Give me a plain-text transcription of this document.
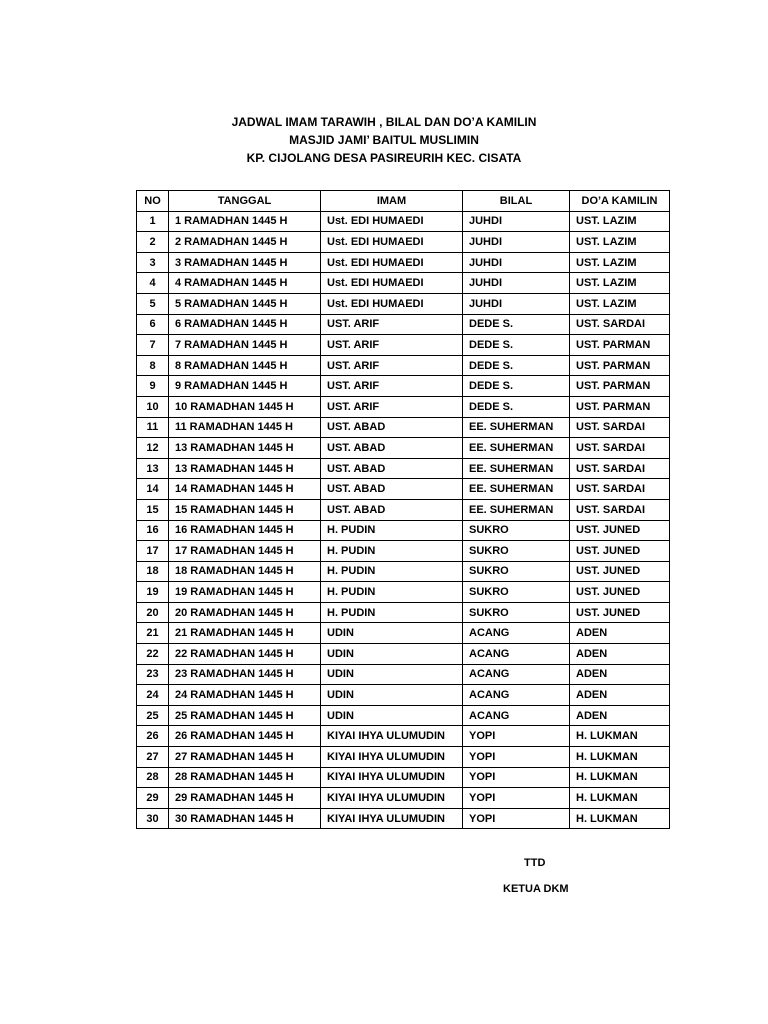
JADWAL IMAM TARAWIH , BILAL DAN DO’A KAMILIN
MASJID JAMI’ BAITUL MUSLIMIN
KP. CIJOLANG DESA PASIREURIH KEC. CISATA
NO	TANGGAL	IMAM	BILAL	DO’A KAMILIN
1	1 RAMADHAN 1445 H	Ust. EDI HUMAEDI	JUHDI	UST. LAZIM
2	2 RAMADHAN 1445 H	Ust. EDI HUMAEDI	JUHDI	UST. LAZIM
3	3 RAMADHAN 1445 H	Ust. EDI HUMAEDI	JUHDI	UST. LAZIM
4	4 RAMADHAN 1445 H	Ust. EDI HUMAEDI	JUHDI	UST. LAZIM
5	5 RAMADHAN 1445 H	Ust. EDI HUMAEDI	JUHDI	UST. LAZIM
6	6 RAMADHAN 1445 H	UST. ARIF	DEDE S.	UST. SARDAI
7	7 RAMADHAN 1445 H	UST. ARIF	DEDE S.	UST. PARMAN
8	8 RAMADHAN 1445 H	UST. ARIF	DEDE S.	UST. PARMAN
9	9 RAMADHAN 1445 H	UST. ARIF	DEDE S.	UST. PARMAN
10	10 RAMADHAN 1445 H	UST. ARIF	DEDE S.	UST. PARMAN
11	11 RAMADHAN 1445 H	UST. ABAD	EE. SUHERMAN	UST. SARDAI
12	13 RAMADHAN 1445 H	UST. ABAD	EE. SUHERMAN	UST. SARDAI
13	13 RAMADHAN 1445 H	UST. ABAD	EE. SUHERMAN	UST. SARDAI
14	14 RAMADHAN 1445 H	UST. ABAD	EE. SUHERMAN	UST. SARDAI
15	15 RAMADHAN 1445 H	UST. ABAD	EE. SUHERMAN	UST. SARDAI
16	16 RAMADHAN 1445 H	H. PUDIN	SUKRO	UST. JUNED
17	17 RAMADHAN 1445 H	H. PUDIN	SUKRO	UST. JUNED
18	18 RAMADHAN 1445 H	H. PUDIN	SUKRO	UST. JUNED
19	19 RAMADHAN 1445 H	H. PUDIN	SUKRO	UST. JUNED
20	20 RAMADHAN 1445 H	H. PUDIN	SUKRO	UST. JUNED
21	21 RAMADHAN 1445 H	UDIN	ACANG	ADEN
22	22 RAMADHAN 1445 H	UDIN	ACANG	ADEN
23	23 RAMADHAN 1445 H	UDIN	ACANG	ADEN
24	24 RAMADHAN 1445 H	UDIN	ACANG	ADEN
25	25 RAMADHAN 1445 H	UDIN	ACANG	ADEN
26	26 RAMADHAN 1445 H	KIYAI IHYA ULUMUDIN	YOPI	H. LUKMAN
27	27 RAMADHAN 1445 H	KIYAI IHYA ULUMUDIN	YOPI	H. LUKMAN
28	28 RAMADHAN 1445 H	KIYAI IHYA ULUMUDIN	YOPI	H. LUKMAN
29	29 RAMADHAN 1445 H	KIYAI IHYA ULUMUDIN	YOPI	H. LUKMAN
30	30 RAMADHAN 1445 H	KIYAI IHYA ULUMUDIN	YOPI	H. LUKMAN
TTD
KETUA DKM
